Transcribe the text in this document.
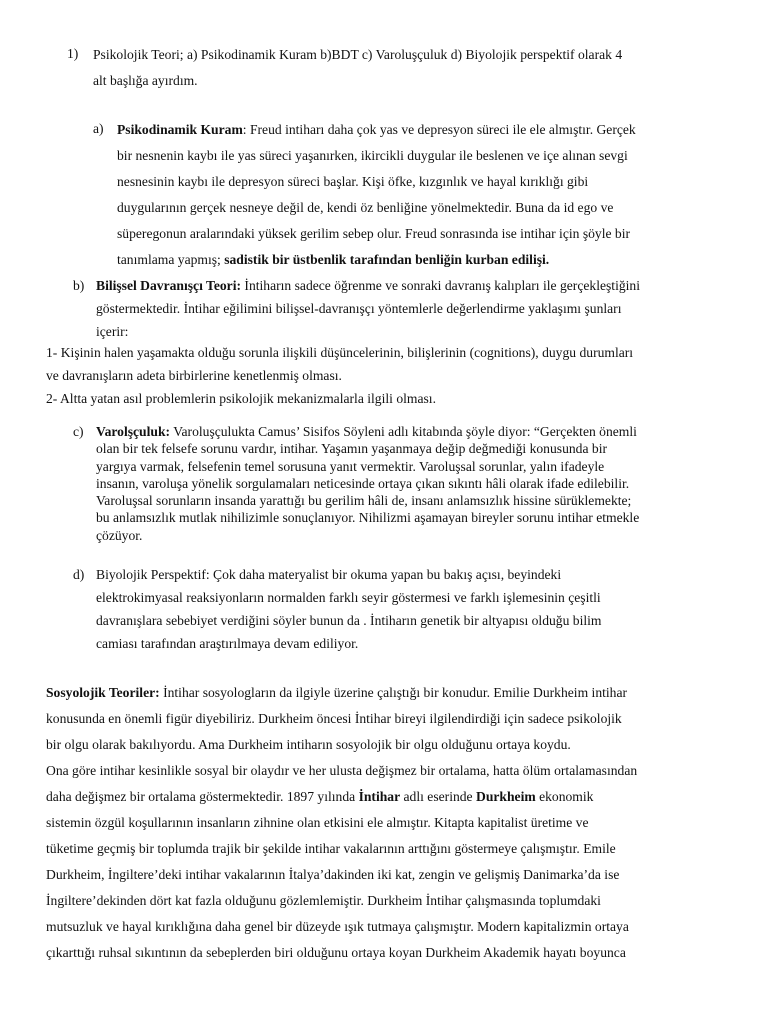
1) Psikolojik Teori; a) Psikodinamik Kuram b)BDT c) Varoluşçuluk d) Biyolojik perspektif olarak 4

alt başlığa ayırdım.

a) Psikodinamik Kuram: Freud intiharı daha çok yas ve depresyon süreci ile ele almıştır. Gerçek

bir nesnenin kaybı ile yas süreci yaşanırken, ikircikli duygular ile beslenen ve içe alınan sevgi

nesnesinin kaybı ile depresyon süreci başlar. Kişi öfke, kızgınlık ve hayal kırıklığı gibi

duygularının gerçek nesneye değil de, kendi öz benliğine yönelmektedir. Buna da id ego ve

süperegonun aralarındaki yüksek gerilim sebep olur. Freud sonrasında ise intihar için şöyle bir

tanımlama yapmış; sadistik bir üstbenlik tarafından benliğin kurban edilişi.

b) Bilişsel Davranışçı Teori: İntiharın sadece öğrenme ve sonraki davranış kalıpları ile gerçekleştiğini

göstermektedir. İntihar eğilimini bilişsel-davranışçı yöntemlerle değerlendirme yaklaşımı şunları

içerir:

1- Kişinin halen yaşamakta olduğu sorunla ilişkili düşüncelerinin, bilişlerinin (cognitions), duygu durumları

ve davranışların adeta birbirlerine kenetlenmiş olması.

2- Altta yatan asıl problemlerin psikolojik mekanizmalarla ilgili olması.

c) Varolşçuluk: Varoluşçulukta Camus’ Sisifos Söyleni adlı kitabında şöyle diyor: “Gerçekten önemli

olan bir tek felsefe sorunu vardır, intihar. Yaşamın yaşanmaya değip değmediği konusunda bir

yargıya varmak, felsefenin temel sorusuna yanıt vermektir. Varoluşsal sorunlar, yalın ifadeyle

insanın, varoluşa yönelik sorgulamaları neticesinde ortaya çıkan sıkıntı hâli olarak ifade edilebilir.

Varoluşsal sorunların insanda yarattığı bu gerilim hâli de, insanı anlamsızlık hissine sürüklemekte;

bu anlamsızlık mutlak nihilizimle sonuçlanıyor. Nihilizmi aşamayan bireyler sorunu intihar etmekle

çözüyor.

d) Biyolojik Perspektif: Çok daha materyalist bir okuma yapan bu bakış açısı, beyindeki

elektrokimyasal reaksiyonların normalden farklı seyir göstermesi ve farklı işlemesinin çeşitli

davranışlara sebebiyet verdiğini söyler bunun da . İntiharın genetik bir altyapısı olduğu bilim

camiası tarafından araştırılmaya devam ediliyor.

Sosyolojik Teoriler: İntihar sosyologların da ilgiyle üzerine çalıştığı bir konudur. Emilie Durkheim intihar

konusunda en önemli figür diyebiliriz. Durkheim öncesi İntihar bireyi ilgilendirdiği için sadece psikolojik

bir olgu olarak bakılıyordu. Ama Durkheim intiharın sosyolojik bir olgu olduğunu ortaya koydu.

Ona göre intihar kesinlikle sosyal bir olaydır ve her ulusta değişmez bir ortalama, hatta ölüm ortalamasından

daha değişmez bir ortalama göstermektedir. 1897 yılında İntihar adlı eserinde Durkheim ekonomik

sistemin özgül koşullarının insanların zihnine olan etkisini ele almıştır. Kitapta kapitalist üretime ve

tüketime geçmiş bir toplumda trajik bir şekilde intihar vakalarının arttığını göstermeye çalışmıştır. Emile

Durkheim, İngiltere’deki intihar vakalarının İtalya’dakinden iki kat, zengin ve gelişmiş Danimarka’da ise

İngiltere’dekinden dört kat fazla olduğunu gözlemlemiştir. Durkheim İntihar çalışmasında toplumdaki

mutsuzluk ve hayal kırıklığına daha genel bir düzeyde ışık tutmaya çalışmıştır. Modern kapitalizmin ortaya

çıkarttığı ruhsal sıkıntının da sebeplerden biri olduğunu ortaya koyan Durkheim Akademik hayatı boyunca
